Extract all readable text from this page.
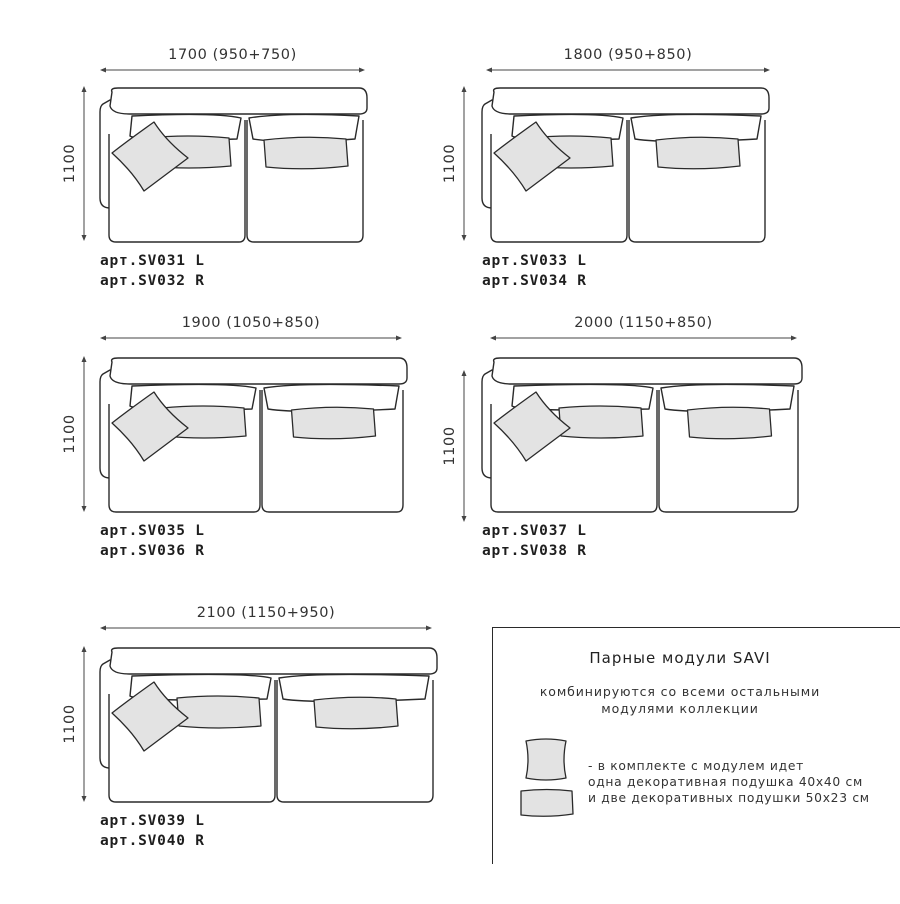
1700 (950+750)
1100
арт.SV031 L
арт.SV032 R
1800 (950+850)
1100
арт.SV033 L
арт.SV034 R
1900 (1050+850)
1100
арт.SV035 L
арт.SV036 R
2000 (1150+850)
1100
арт.SV037 L
арт.SV038 R
2100 (1150+950)
1100
арт.SV039 L
арт.SV040 R
Парные модули SAVI
комбинируются со всеми остальными
модулями коллекции
- в комплекте с модулем идет
одна декоративная подушка 40x40 см
и две декоративных подушки 50x23 см
